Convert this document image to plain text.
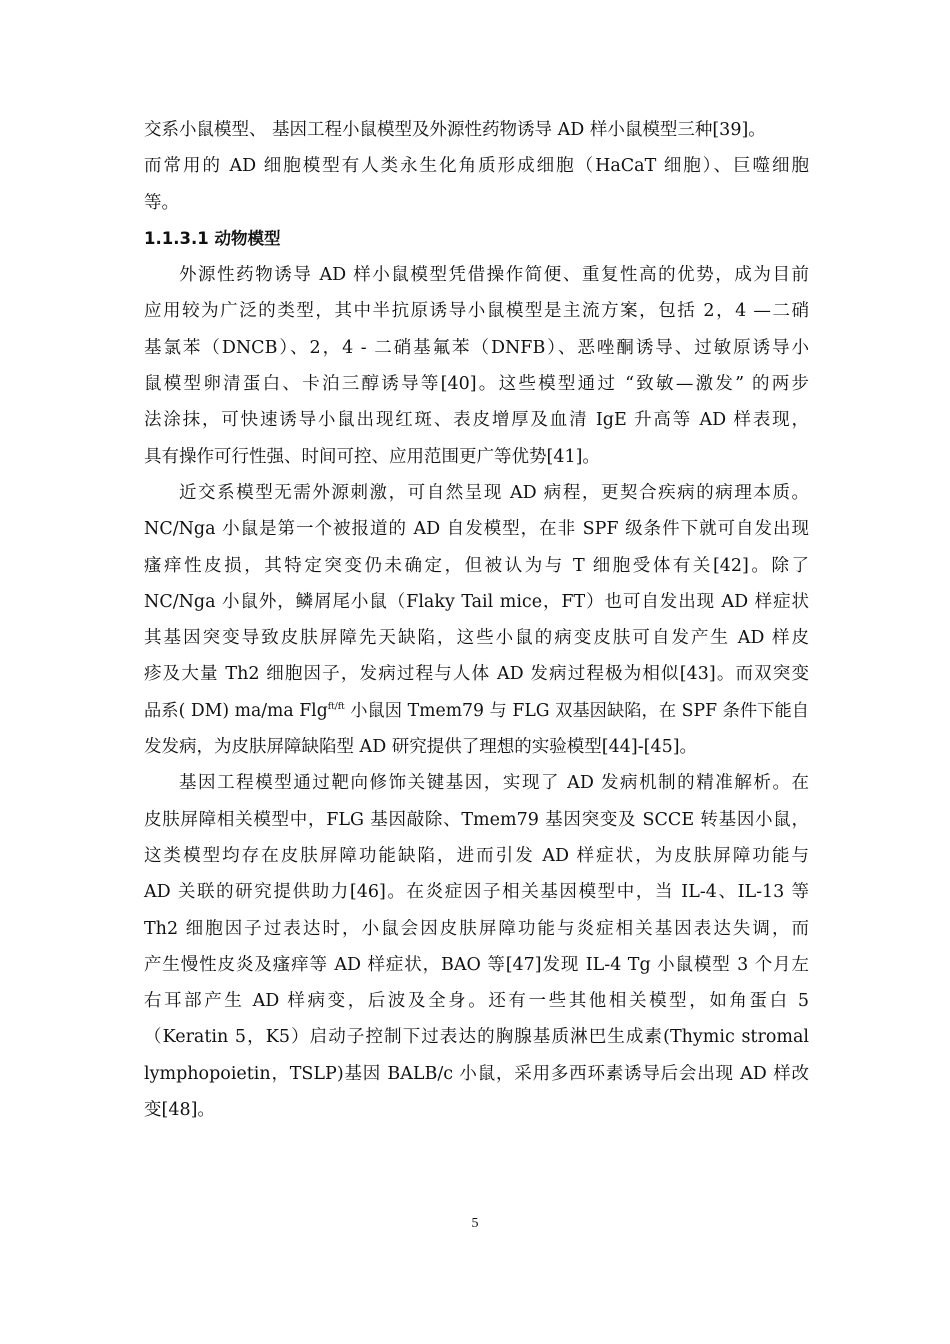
交系小鼠模型、 基因工程小鼠模型及外源性药物诱导 AD 样小鼠模型三种[39]。
而常用的 AD 细胞模型有人类永生化角质形成细胞（HaCaT 细胞）、巨噬细胞
等。
1.1.3.1 动物模型
外源性药物诱导 AD 样小鼠模型凭借操作简便、重复性高的优势，成为目前
应用较为广泛的类型，其中半抗原诱导小鼠模型是主流方案，包括 2，4 —二硝
基氯苯（DNCB）、2，4 - 二硝基氟苯（DNFB）、恶唑酮诱导、过敏原诱导小
鼠模型卵清蛋白、卡泊三醇诱导等[40]。这些模型通过 “致敏—激发” 的两步
法涂抹，可快速诱导小鼠出现红斑、表皮增厚及血清 IgE 升高等 AD 样表现，
具有操作可行性强、时间可控、应用范围更广等优势[41]。
近交系模型无需外源刺激，可自然呈现 AD 病程，更契合疾病的病理本质。
NC/Nga 小鼠是第一个被报道的 AD 自发模型，在非 SPF 级条件下就可自发出现
瘙痒性皮损，其特定突变仍未确定，但被认为与 T 细胞受体有关[42]。除了
NC/Nga 小鼠外，鳞屑尾小鼠（Flaky Tail mice，FT）也可自发出现 AD 样症状
其基因突变导致皮肤屏障先天缺陷，这些小鼠的病变皮肤可自发产生 AD 样皮
疹及大量 Th2 细胞因子，发病过程与人体 AD 发病过程极为相似[43]。而双突变
品系( DM) ma/ma Flg$^{ft/ft}$ 小鼠因 Tmem79 与 FLG 双基因缺陷，在 SPF 条件下能自
发发病，为皮肤屏障缺陷型 AD 研究提供了理想的实验模型[44]-[45]。
基因工程模型通过靶向修饰关键基因，实现了 AD 发病机制的精准解析。在
皮肤屏障相关模型中，FLG 基因敲除、Tmem79 基因突变及 SCCE 转基因小鼠，
这类模型均存在皮肤屏障功能缺陷，进而引发 AD 样症状，为皮肤屏障功能与
AD 关联的研究提供助力[46]。在炎症因子相关基因模型中，当 IL-4、IL-13 等
Th2 细胞因子过表达时，小鼠会因皮肤屏障功能与炎症相关基因表达失调，而
产生慢性皮炎及瘙痒等 AD 样症状，BAO 等[47]发现 IL-4 Tg 小鼠模型 3 个月左
右耳部产生 AD 样病变，后波及全身。还有一些其他相关模型，如角蛋白 5
（Keratin 5，K5）启动子控制下过表达的胸腺基质淋巴生成素(Thymic stromal
lymphopoietin，TSLP)基因 BALB/c 小鼠，采用多西环素诱导后会出现 AD 样改
变[48]。
5
